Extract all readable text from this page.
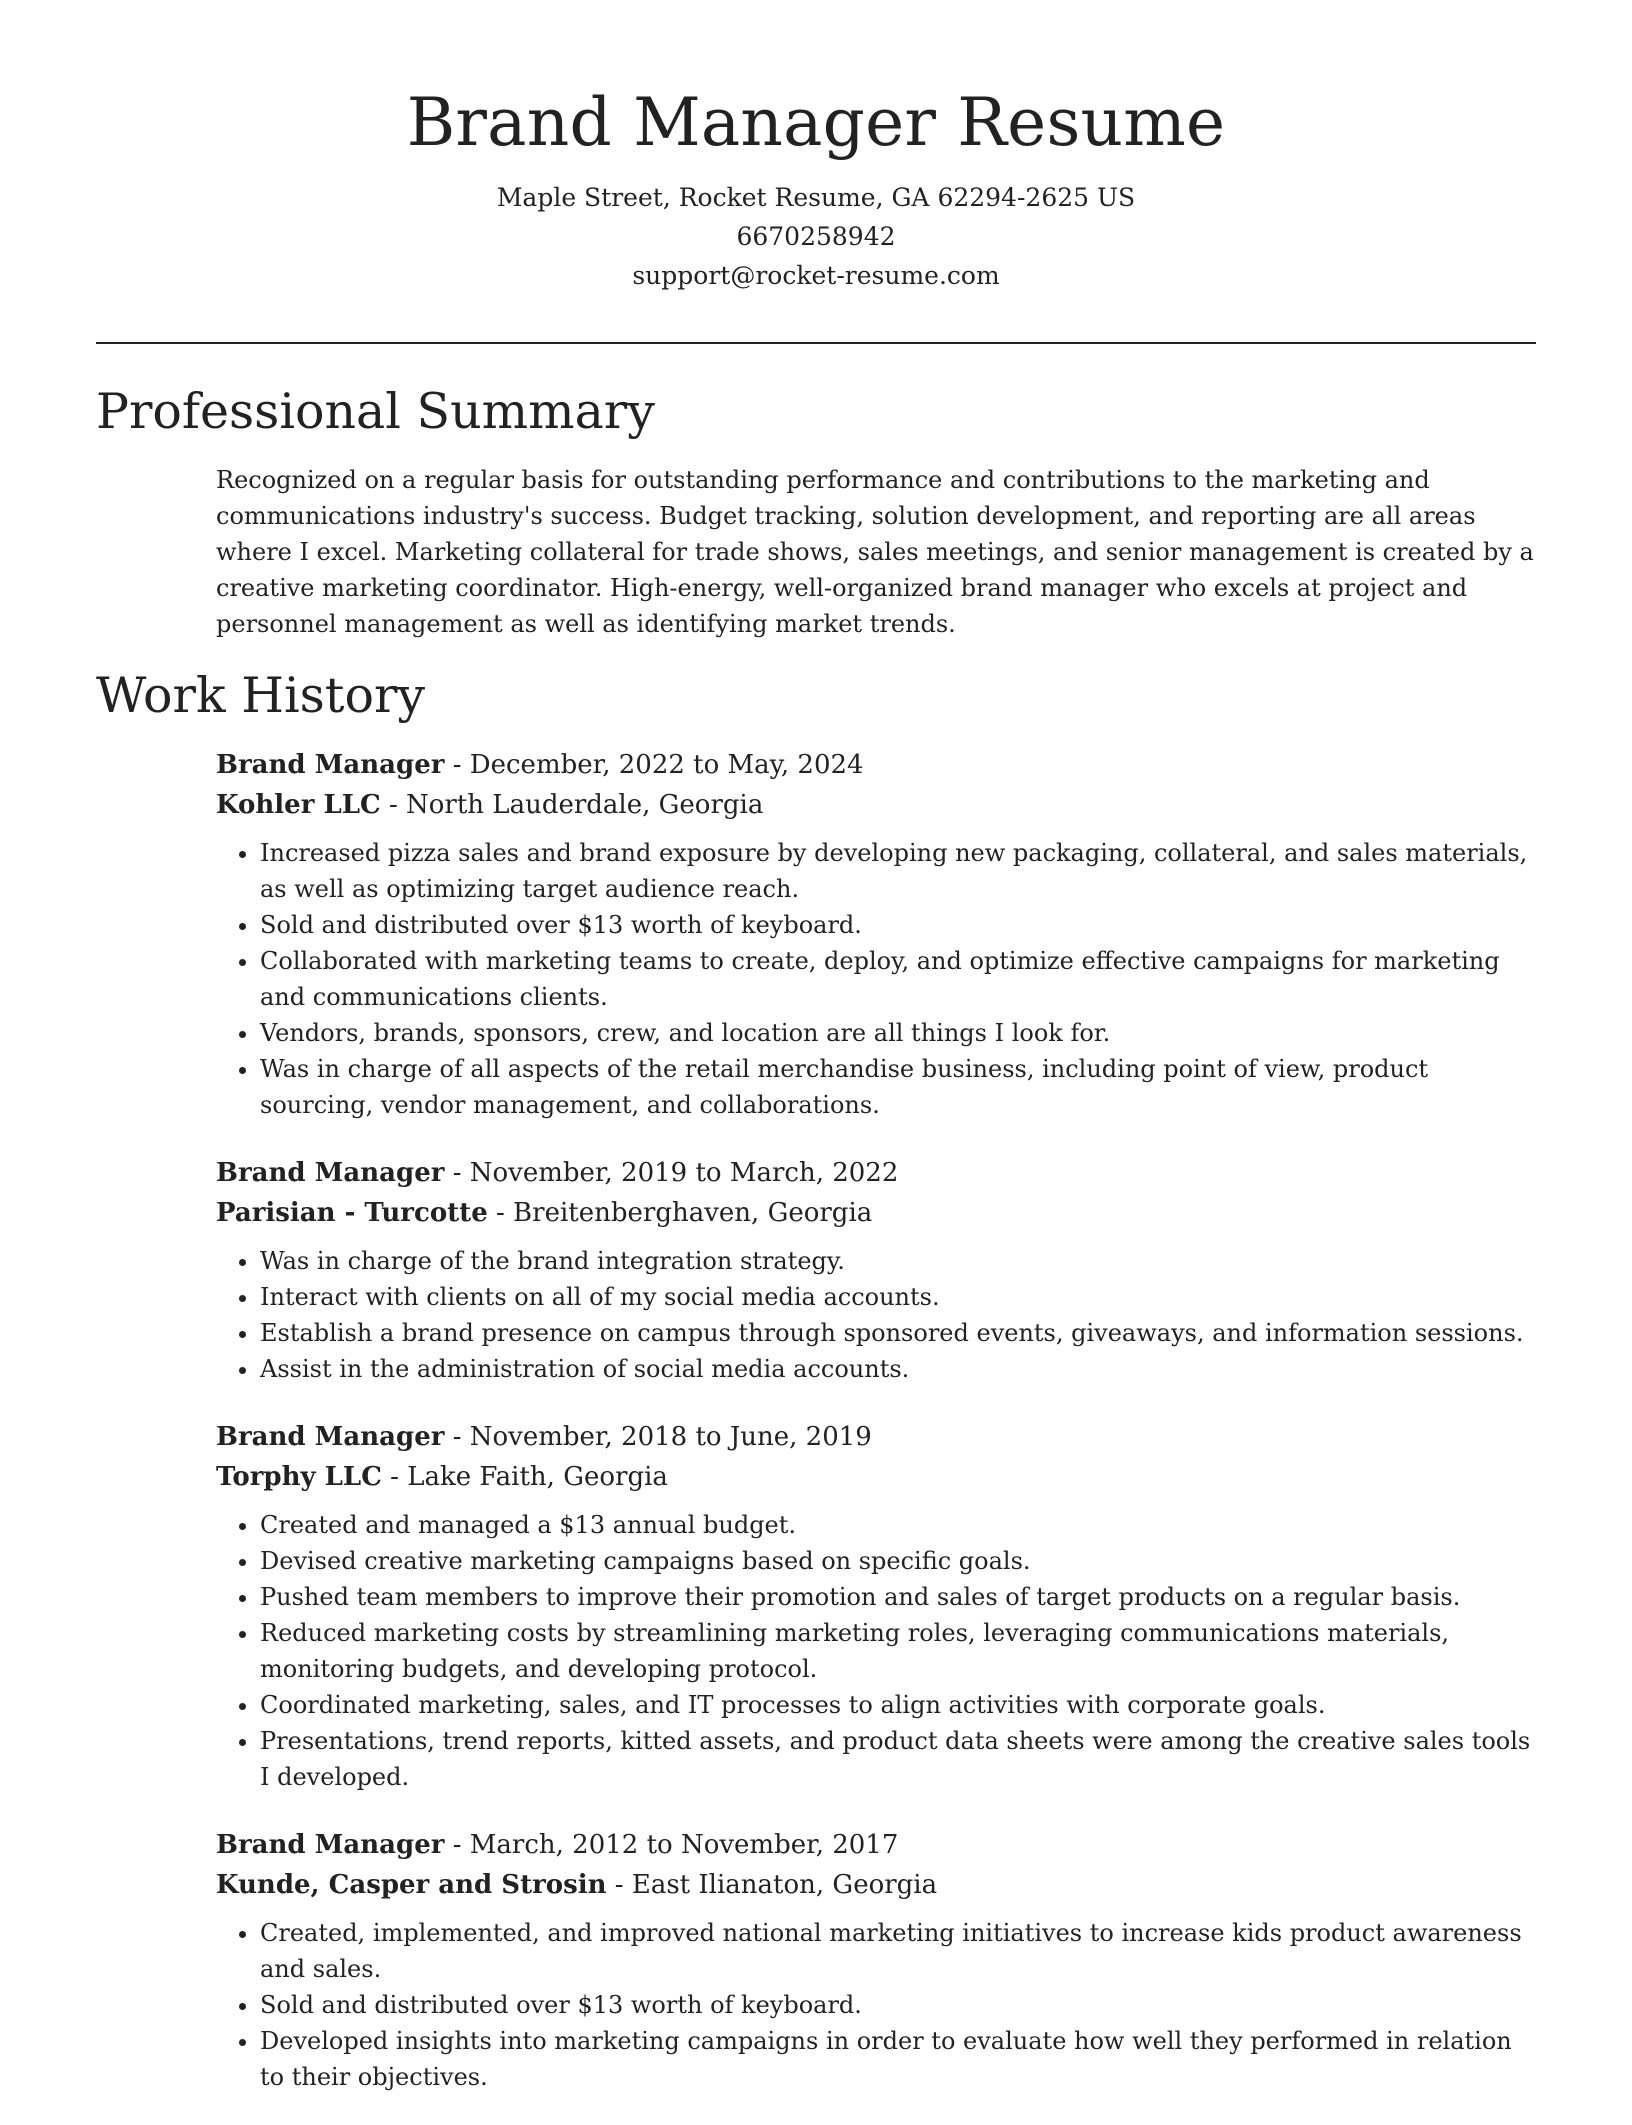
Brand Manager Resume

Maple Street, Rocket Resume, GA 62294-2625 US

6670258942

support@rocket-resume.com

Professional Summary

Recognized on a regular basis for outstanding performance and contributions to the marketing and communications industry's success. Budget tracking, solution development, and reporting are all areas where I excel. Marketing collateral for trade shows, sales meetings, and senior management is created by a creative marketing coordinator. High-energy, well-organized brand manager who excels at project and personnel management as well as identifying market trends.

Work History

Brand Manager - December, 2022 to May, 2024

Kohler LLC - North Lauderdale, Georgia

• Increased pizza sales and brand exposure by developing new packaging, collateral, and sales materials, as well as optimizing target audience reach.
• Sold and distributed over $13 worth of keyboard.
• Collaborated with marketing teams to create, deploy, and optimize effective campaigns for marketing and communications clients.
• Vendors, brands, sponsors, crew, and location are all things I look for.
• Was in charge of all aspects of the retail merchandise business, including point of view, product sourcing, vendor management, and collaborations.

Brand Manager - November, 2019 to March, 2022

Parisian - Turcotte - Breitenberghaven, Georgia

• Was in charge of the brand integration strategy.
• Interact with clients on all of my social media accounts.
• Establish a brand presence on campus through sponsored events, giveaways, and information sessions.
• Assist in the administration of social media accounts.

Brand Manager - November, 2018 to June, 2019

Torphy LLC - Lake Faith, Georgia

• Created and managed a $13 annual budget.
• Devised creative marketing campaigns based on specific goals.
• Pushed team members to improve their promotion and sales of target products on a regular basis.
• Reduced marketing costs by streamlining marketing roles, leveraging communications materials, monitoring budgets, and developing protocol.
• Coordinated marketing, sales, and IT processes to align activities with corporate goals.
• Presentations, trend reports, kitted assets, and product data sheets were among the creative sales tools I developed.

Brand Manager - March, 2012 to November, 2017

Kunde, Casper and Strosin - East Ilianaton, Georgia

• Created, implemented, and improved national marketing initiatives to increase kids product awareness and sales.
• Sold and distributed over $13 worth of keyboard.
• Developed insights into marketing campaigns in order to evaluate how well they performed in relation to their objectives.
